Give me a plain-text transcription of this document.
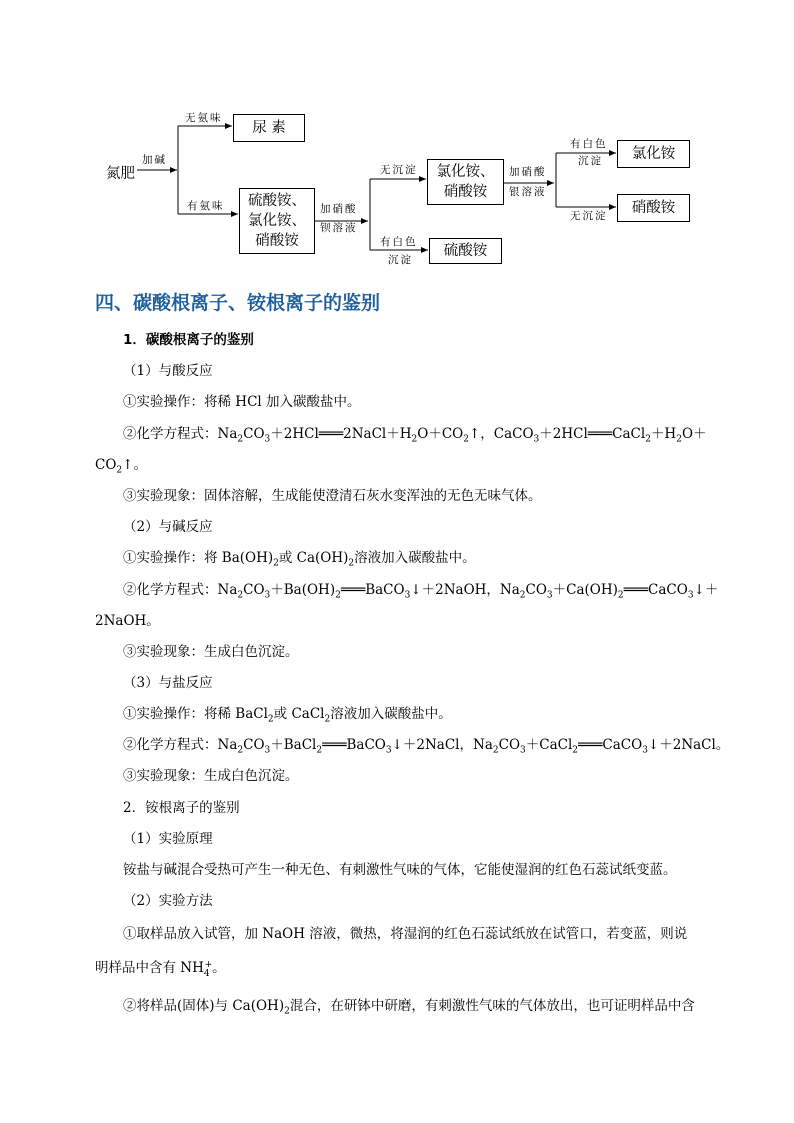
氮肥
加碱
无氨味
有氨味
尿 素
硫酸铵、
氯化铵、
硝酸铵
加硝酸
钡溶液
无沉淀
有白色
沉淀
氯化铵、
硝酸铵
硫酸铵
加硝酸
银溶液
有白色
沉淀
无沉淀
氯化铵
硝酸铵
四、碳酸根离子、铵根离子的鉴别
1．碳酸根离子的鉴别
（1）与酸反应
①实验操作：将稀 HCl 加入碳酸盐中。
②化学方程式：$Na_2CO_3+2HCl═══2NaCl+H_2O+CO_2↑$，$CaCO_3+2HCl═══CaCl_2+H_2O+$
$CO_2↑$。
③实验现象：固体溶解，生成能使澄清石灰水变浑浊的无色无味气体。
（2）与碱反应
①实验操作：将 $Ba(OH)_2$或 $Ca(OH)_2$溶液加入碳酸盐中。
②化学方程式：$Na_2CO_3+Ba(OH)_2═══BaCO_3↓+2NaOH$，$Na_2CO_3+Ca(OH)_2═══CaCO_3↓+$
2NaOH。
③实验现象：生成白色沉淀。
（3）与盐反应
①实验操作：将稀 BaCl$_2$或 CaCl$_2$溶液加入碳酸盐中。
②化学方程式：$Na_2CO_3+BaCl_2═══BaCO_3↓+2NaCl$，$Na_2CO_3+CaCl_2═══CaCO_3↓+2NaCl$。
③实验现象：生成白色沉淀。
2．铵根离子的鉴别
（1）实验原理
铵盐与碱混合受热可产生一种无色、有刺激性气味的气体，它能使湿润的红色石蕊试纸变蓝。
（2）实验方法
①取样品放入试管，加 NaOH 溶液，微热，将湿润的红色石蕊试纸放在试管口，若变蓝，则说
明样品中含有 $NH_4^+$。
②将样品(固体)与 $Ca(OH)_2$混合，在研钵中研磨，有刺激性气味的气体放出，也可证明样品中含
